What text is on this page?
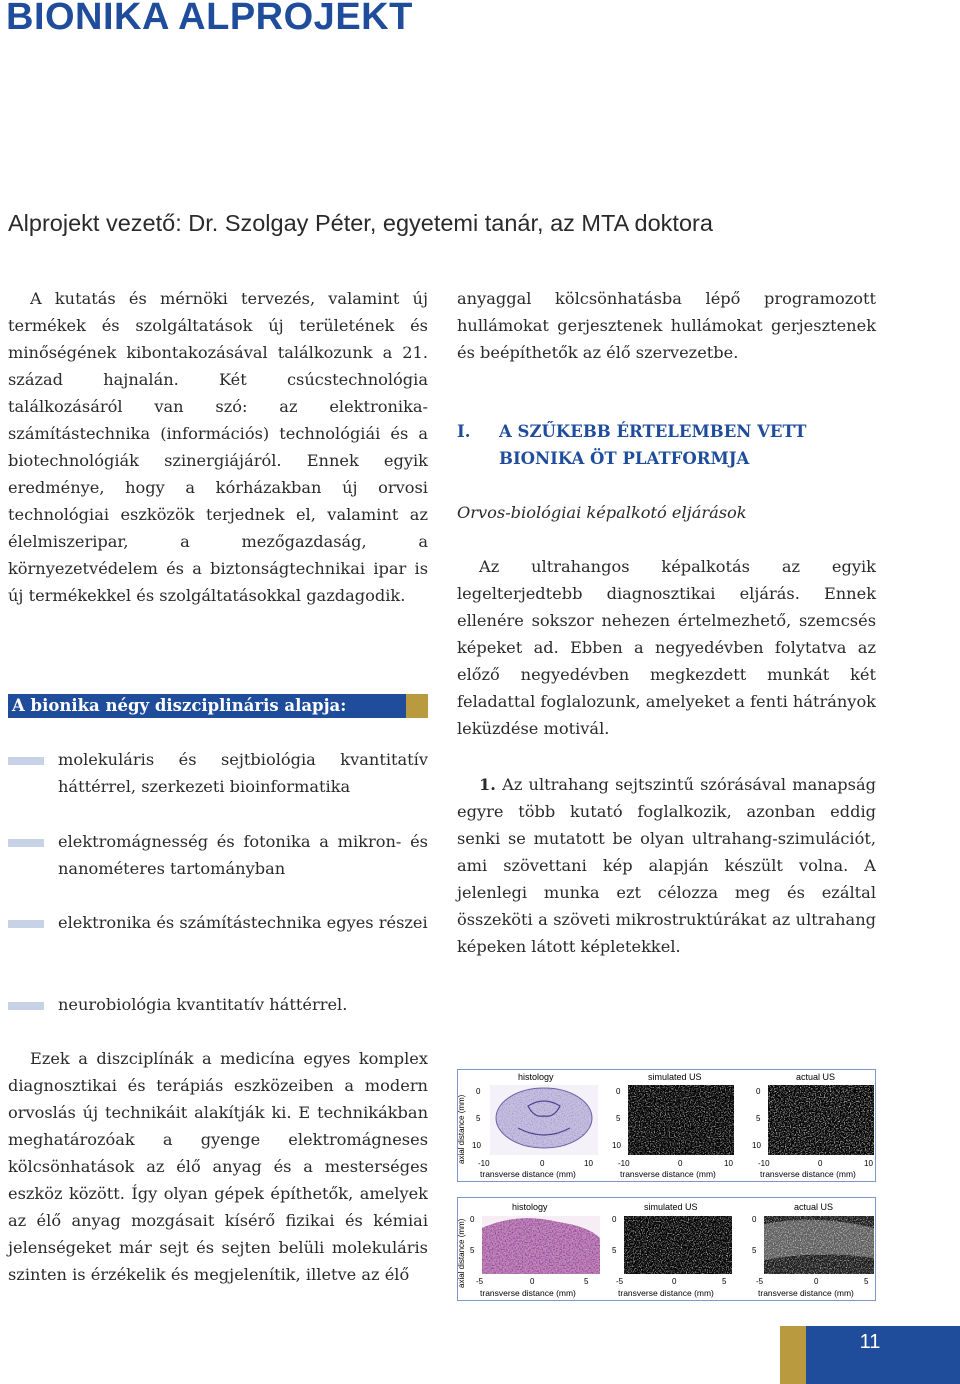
BIONIKA ALPROJEKT
Alprojekt vezető: Dr. Szolgay Péter, egyetemi tanár, az MTA doktora

A kutatás és mérnöki tervezés, valamint új termékek és szolgáltatások új területének és minőségének kibontakozásával találkozunk a 21. század hajnalán. Két csúcstechnológia találkozásáról van szó: az elektronika-számítástechnika (információs) technológiái és a biotechnológiák szinergiájáról. Ennek egyik eredménye, hogy a kórházakban új orvosi technológiai eszközök terjednek el, valamint az élelmiszeripar, a mezőgazdaság, a környezetvédelem és a biztonságtechnikai ipar is új termékekkel és szolgáltatásokkal gazdagodik.

A bionika négy diszciplináris alapja:
molekuláris és sejtbiológia kvantitatív háttérrel, szerkezeti bioinformatika
elektromágnesség és fotonika a mikron- és nanométeres tartományban
elektronika és számítástechnika egyes részei
neurobiológia kvantitatív háttérrel.

Ezek a diszciplínák a medicína egyes komplex diagnosztikai és terápiás eszközeiben a modern orvoslás új technikáit alakítják ki. E technikákban meghatározóak a gyenge elektromágneses kölcsönhatások az élő anyag és a mesterséges eszköz között. Így olyan gépek építhetők, amelyek az élő anyag mozgásait kísérő fizikai és kémiai jelenségeket már sejt és sejten belüli molekuláris szinten is érzékelik és megjelenítik, illetve az élő

anyaggal kölcsönhatásba lépő programozott hullámokat gerjesztenek hullámokat gerjesztenek és beépíthetők az élő szervezetbe.

I. A SZŰKEBB ÉRTELEMBEN VETT BIONIKA ÖT PLATFORMJA
Orvos-biológiai képalkotó eljárások

Az ultrahangos képalkotás az egyik legelterjedtebb diagnosztikai eljárás. Ennek ellenére sokszor nehezen értelmezhető, szemcsés képeket ad. Ebben a negyedévben folytatva az előző negyedévben megkezdett munkát két feladattal foglalozunk, amelyeket a fenti hátrányok leküzdése motivál.

1. Az ultrahang sejtszintű szórásával manapság egyre több kutató foglalkozik, azonban eddig senki se mutatott be olyan ultrahang-szimulációt, ami szövettani kép alapján készült volna. A jelenlegi munka ezt célozza meg és ezáltal összeköti a szöveti mikrostruktúrákat az ultrahang képeken látott képletekkel.

axial distance (mm)
histology
0
5
10
-10	0	10
transverse distance (mm)
simulated US
0
5
10
-10	0	10
transverse distance (mm)
actual US
0
5
10
-10	0	10
transverse distance (mm)
axial distance (mm)
histology
0
5
-5	0	5
transverse distance (mm)
simulated US
0
5
-5	0	5
transverse distance (mm)
actual US
0
5
-5	0	5
transverse distance (mm)
11
